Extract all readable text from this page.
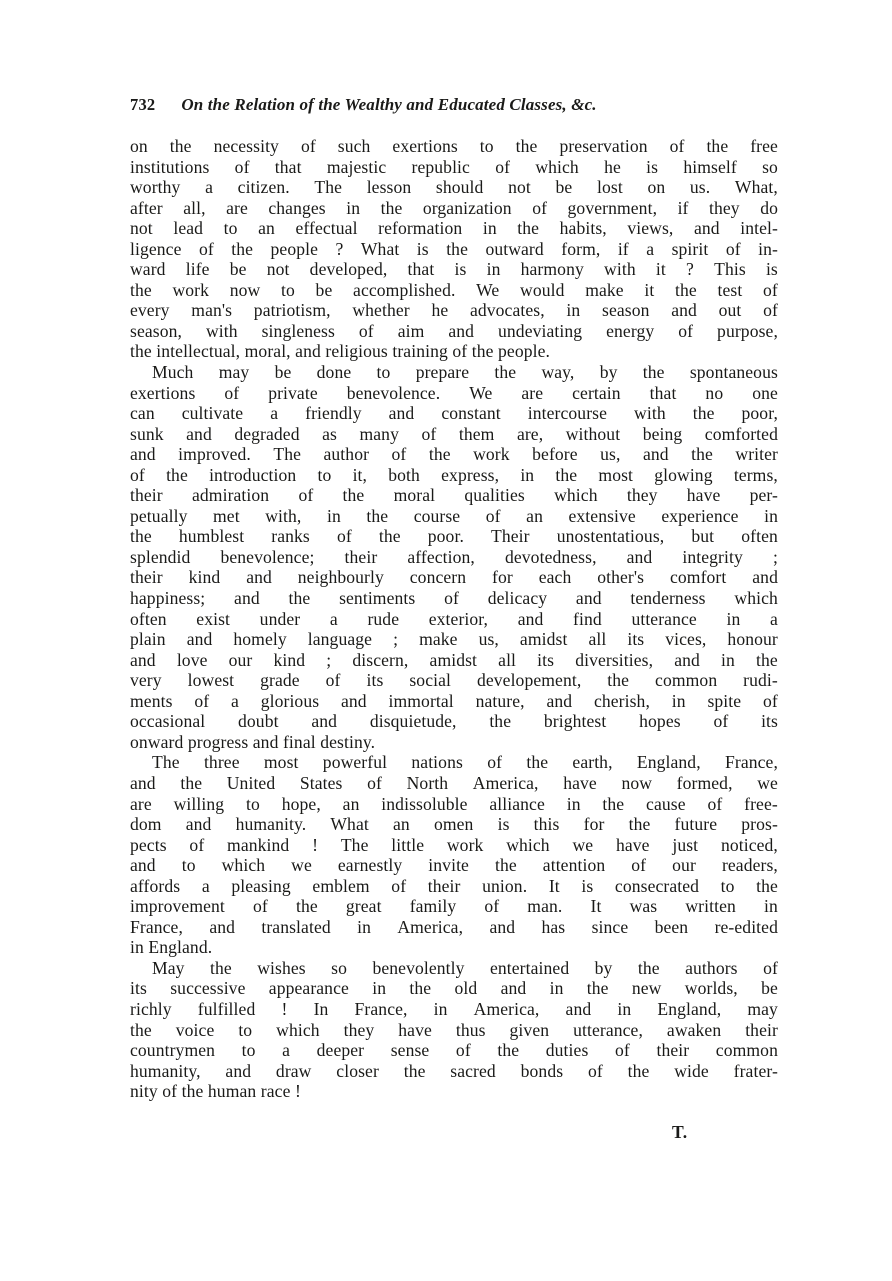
732 On the Relation of the Wealthy and Educated Classes, &c.
on the necessity of such exertions to the preservation of the free
institutions of that majestic republic of which he is himself so
worthy a citizen. The lesson should not be lost on us. What,
after all, are changes in the organization of government, if they do
not lead to an effectual reformation in the habits, views, and intel-
ligence of the people ? What is the outward form, if a spirit of in-
ward life be not developed, that is in harmony with it ? This is
the work now to be accomplished. We would make it the test of
every man's patriotism, whether he advocates, in season and out of
season, with singleness of aim and undeviating energy of purpose,
the intellectual, moral, and religious training of the people.
Much may be done to prepare the way, by the spontaneous
exertions of private benevolence. We are certain that no one
can cultivate a friendly and constant intercourse with the poor,
sunk and degraded as many of them are, without being comforted
and improved. The author of the work before us, and the writer
of the introduction to it, both express, in the most glowing terms,
their admiration of the moral qualities which they have per-
petually met with, in the course of an extensive experience in
the humblest ranks of the poor. Their unostentatious, but often
splendid benevolence; their affection, devotedness, and integrity ;
their kind and neighbourly concern for each other's comfort and
happiness; and the sentiments of delicacy and tenderness which
often exist under a rude exterior, and find utterance in a
plain and homely language ; make us, amidst all its vices, honour
and love our kind ; discern, amidst all its diversities, and in the
very lowest grade of its social developement, the common rudi-
ments of a glorious and immortal nature, and cherish, in spite of
occasional doubt and disquietude, the brightest hopes of its
onward progress and final destiny.
The three most powerful nations of the earth, England, France,
and the United States of North America, have now formed, we
are willing to hope, an indissoluble alliance in the cause of free-
dom and humanity. What an omen is this for the future pros-
pects of mankind ! The little work which we have just noticed,
and to which we earnestly invite the attention of our readers,
affords a pleasing emblem of their union. It is consecrated to the
improvement of the great family of man. It was written in
France, and translated in America, and has since been re-edited
in England.
May the wishes so benevolently entertained by the authors of
its successive appearance in the old and in the new worlds, be
richly fulfilled ! In France, in America, and in England, may
the voice to which they have thus given utterance, awaken their
countrymen to a deeper sense of the duties of their common
humanity, and draw closer the sacred bonds of the wide frater-
nity of the human race !
T.
